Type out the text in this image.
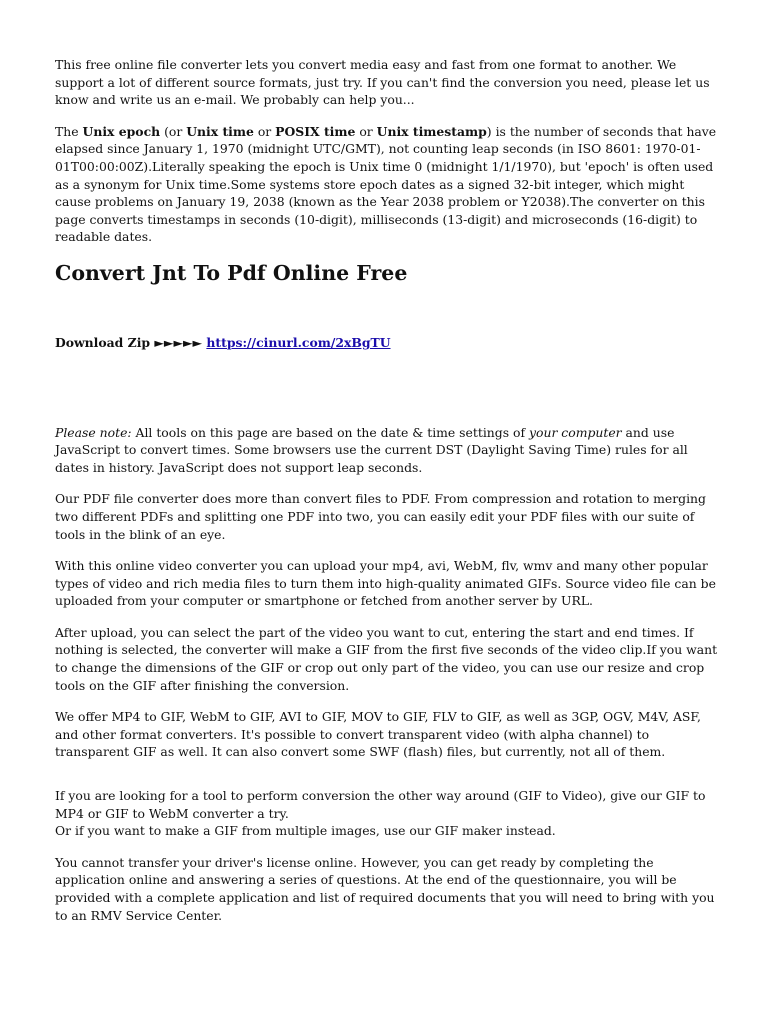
This free online file converter lets you convert media easy and fast from one format to another. We support a lot of different source formats, just try. If you can't find the conversion you need, please let us know and write us an e-mail. We probably can help you...

The Unix epoch (or Unix time or POSIX time or Unix timestamp) is the number of seconds that have elapsed since January 1, 1970 (midnight UTC/GMT), not counting leap seconds (in ISO 8601: 1970-01-01T00:00:00Z).Literally speaking the epoch is Unix time 0 (midnight 1/1/1970), but 'epoch' is often used as a synonym for Unix time.Some systems store epoch dates as a signed 32-bit integer, which might cause problems on January 19, 2038 (known as the Year 2038 problem or Y2038).The converter on this page converts timestamps in seconds (10-digit), milliseconds (13-digit) and microseconds (16-digit) to readable dates.

Convert Jnt To Pdf Online Free

Download Zip ►►►►► https://cinurl.com/2xBgTU

Please note: All tools on this page are based on the date & time settings of your computer and use JavaScript to convert times. Some browsers use the current DST (Daylight Saving Time) rules for all dates in history. JavaScript does not support leap seconds.

Our PDF file converter does more than convert files to PDF. From compression and rotation to merging two different PDFs and splitting one PDF into two, you can easily edit your PDF files with our suite of tools in the blink of an eye.

With this online video converter you can upload your mp4, avi, WebM, flv, wmv and many other popular types of video and rich media files to turn them into high-quality animated GIFs. Source video file can be uploaded from your computer or smartphone or fetched from another server by URL.

After upload, you can select the part of the video you want to cut, entering the start and end times. If nothing is selected, the converter will make a GIF from the first five seconds of the video clip.If you want to change the dimensions of the GIF or crop out only part of the video, you can use our resize and crop tools on the GIF after finishing the conversion.

We offer MP4 to GIF, WebM to GIF, AVI to GIF, MOV to GIF, FLV to GIF, as well as 3GP, OGV, M4V, ASF, and other format converters. It's possible to convert transparent video (with alpha channel) to transparent GIF as well. It can also convert some SWF (flash) files, but currently, not all of them.

If you are looking for a tool to perform conversion the other way around (GIF to Video), give our GIF to MP4 or GIF to WebM converter a try.
Or if you want to make a GIF from multiple images, use our GIF maker instead.

You cannot transfer your driver's license online. However, you can get ready by completing the application online and answering a series of questions. At the end of the questionnaire, you will be provided with a complete application and list of required documents that you will need to bring with you to an RMV Service Center.
